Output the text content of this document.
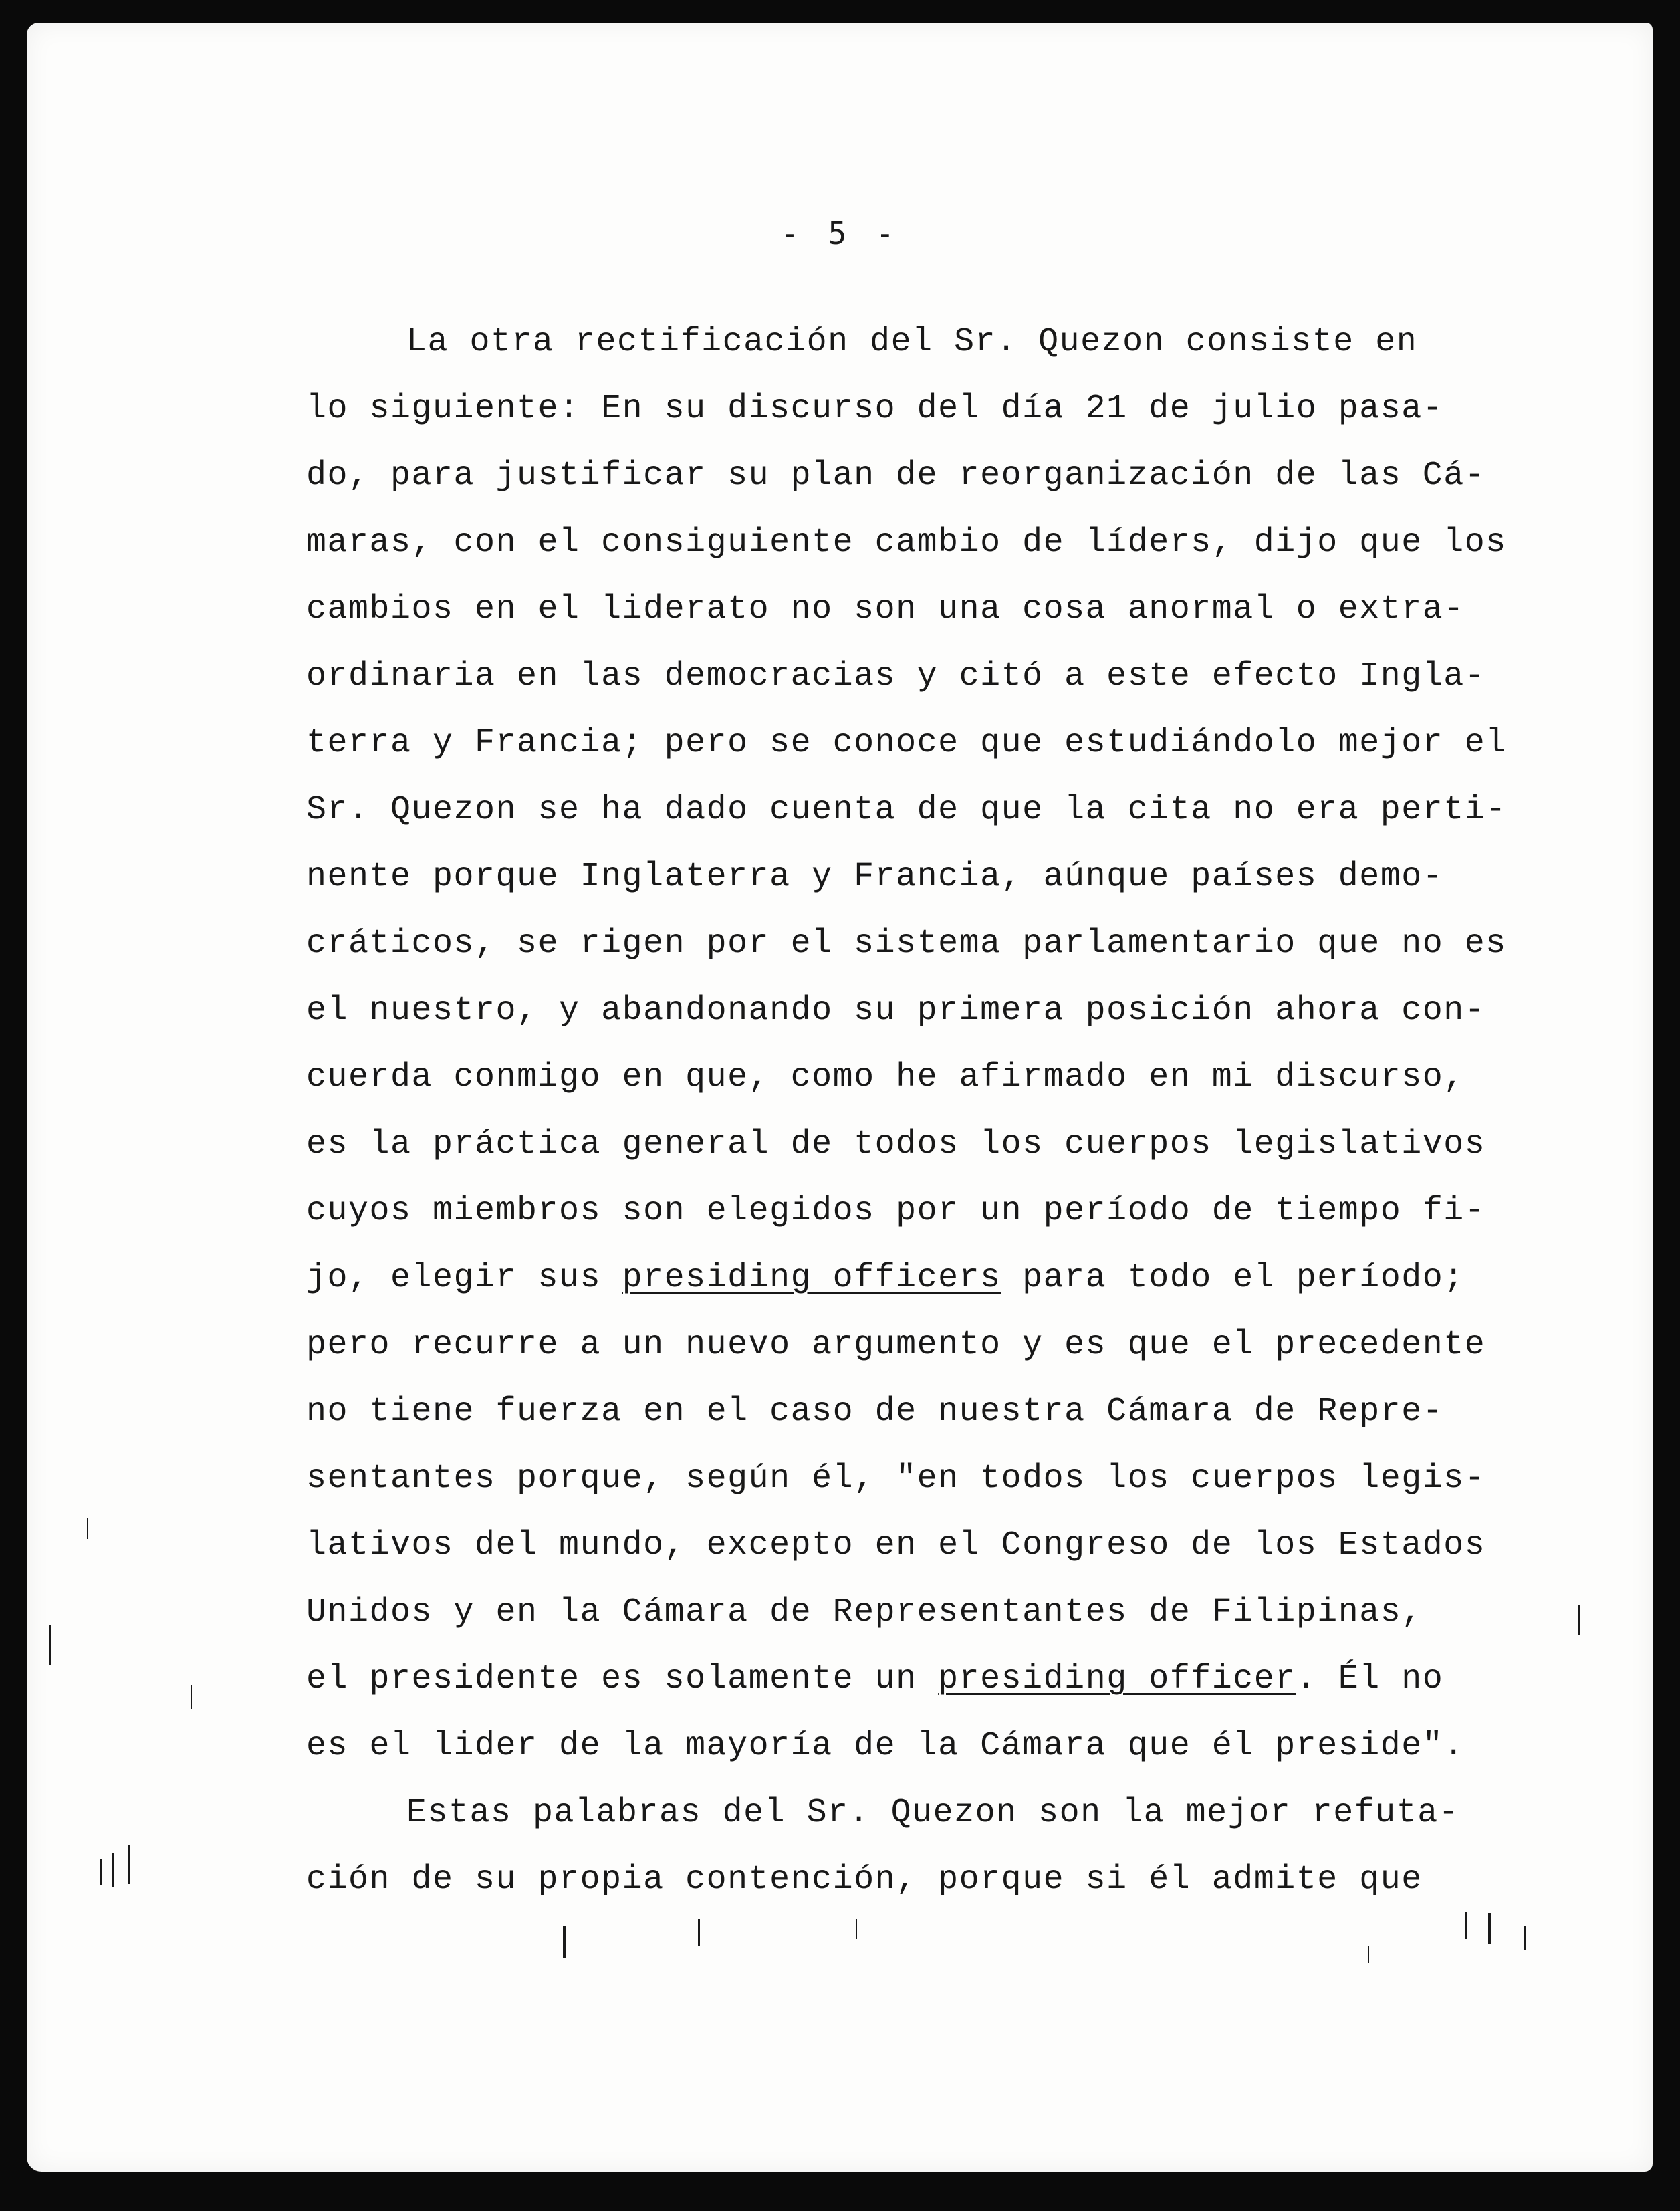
- 5 -
La otra rectificación del Sr. Quezon consiste en
lo siguiente: En su discurso del día 21 de julio pasa-
do, para justificar su plan de reorganización de las Cá-
maras, con el consiguiente cambio de líders, dijo que los
cambios en el liderato no son una cosa anormal o extra-
ordinaria en las democracias y citó a este efecto Ingla-
terra y Francia; pero se conoce que estudiándolo mejor el
Sr. Quezon se ha dado cuenta de que la cita no era perti-
nente porque Inglaterra y Francia, aúnque países demo-
cráticos, se rigen por el sistema parlamentario que no es
el nuestro, y abandonando su primera posición ahora con-
cuerda conmigo en que, como he afirmado en mi discurso,
es la práctica general de todos los cuerpos legislativos
cuyos miembros son elegidos por un período de tiempo fi-
jo, elegir sus presiding officers para todo el período;
pero recurre a un nuevo argumento y es que el precedente
no tiene fuerza en el caso de nuestra Cámara de Repre-
sentantes porque, según él, "en todos los cuerpos legis-
lativos del mundo, excepto en el Congreso de los Estados
Unidos y en la Cámara de Representantes de Filipinas,
el presidente es solamente un presiding officer. Él no
es el lider de la mayoría de la Cámara que él preside".
Estas palabras del Sr. Quezon son la mejor refuta-
ción de su propia contención, porque si él admite que
